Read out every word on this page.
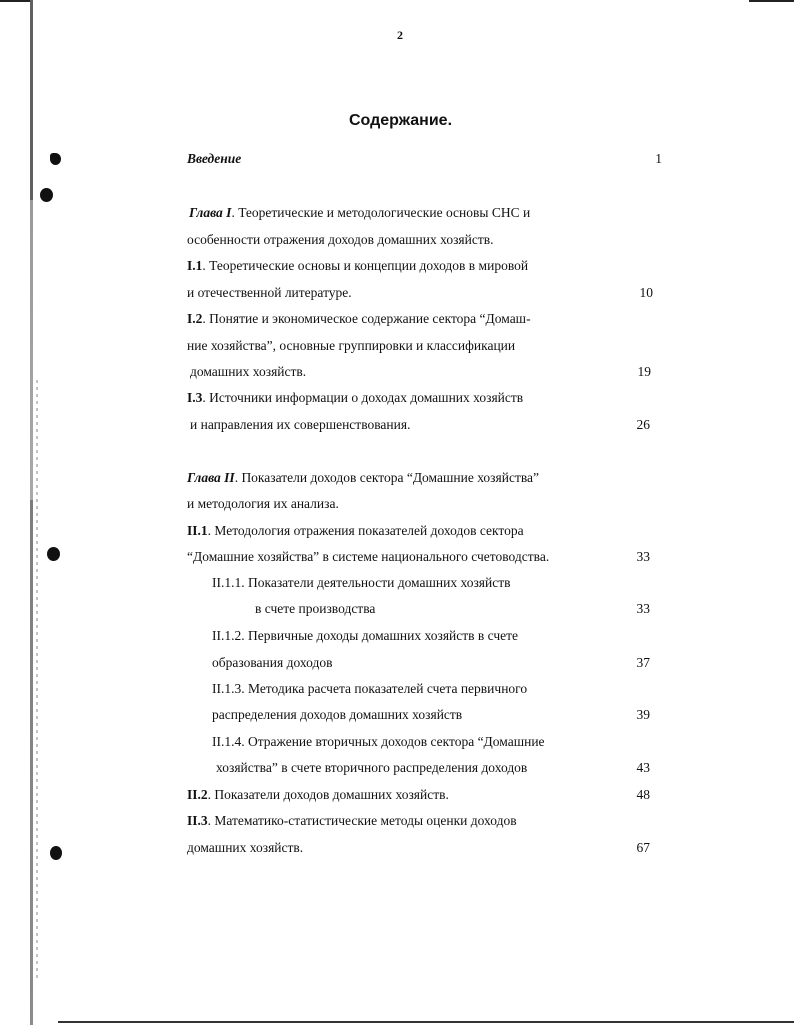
2
Содержание.
Введение	1
Глава I. Теоретические и методологические основы СНС и
особенности отражения доходов домашних хозяйств.
I.1. Теоретические основы и концепции доходов в мировой
и отечественной литературе.	10
I.2. Понятие и экономическое содержание сектора “Домаш-
ние хозяйства”, основные группировки и классификации
домашних хозяйств.	19
I.3. Источники информации о доходах домашних хозяйств
и направления их совершенствования.	26
Глава II. Показатели доходов сектора “Домашние хозяйства”
и методология их анализа.
II.1. Методология отражения показателей доходов сектора
“Домашние хозяйства” в системе национального счетоводства.	33
II.1.1. Показатели деятельности домашних хозяйств
в счете производства	33
II.1.2. Первичные доходы домашних хозяйств в счете
образования доходов	37
II.1.3. Методика расчета показателей счета первичного
распределения доходов домашних хозяйств	39
II.1.4. Отражение вторичных доходов сектора “Домашние
хозяйства” в счете вторичного распределения доходов	43
II.2. Показатели доходов домашних хозяйств.	48
II.3. Математико-статистические методы оценки доходов
домашних хозяйств.	67
